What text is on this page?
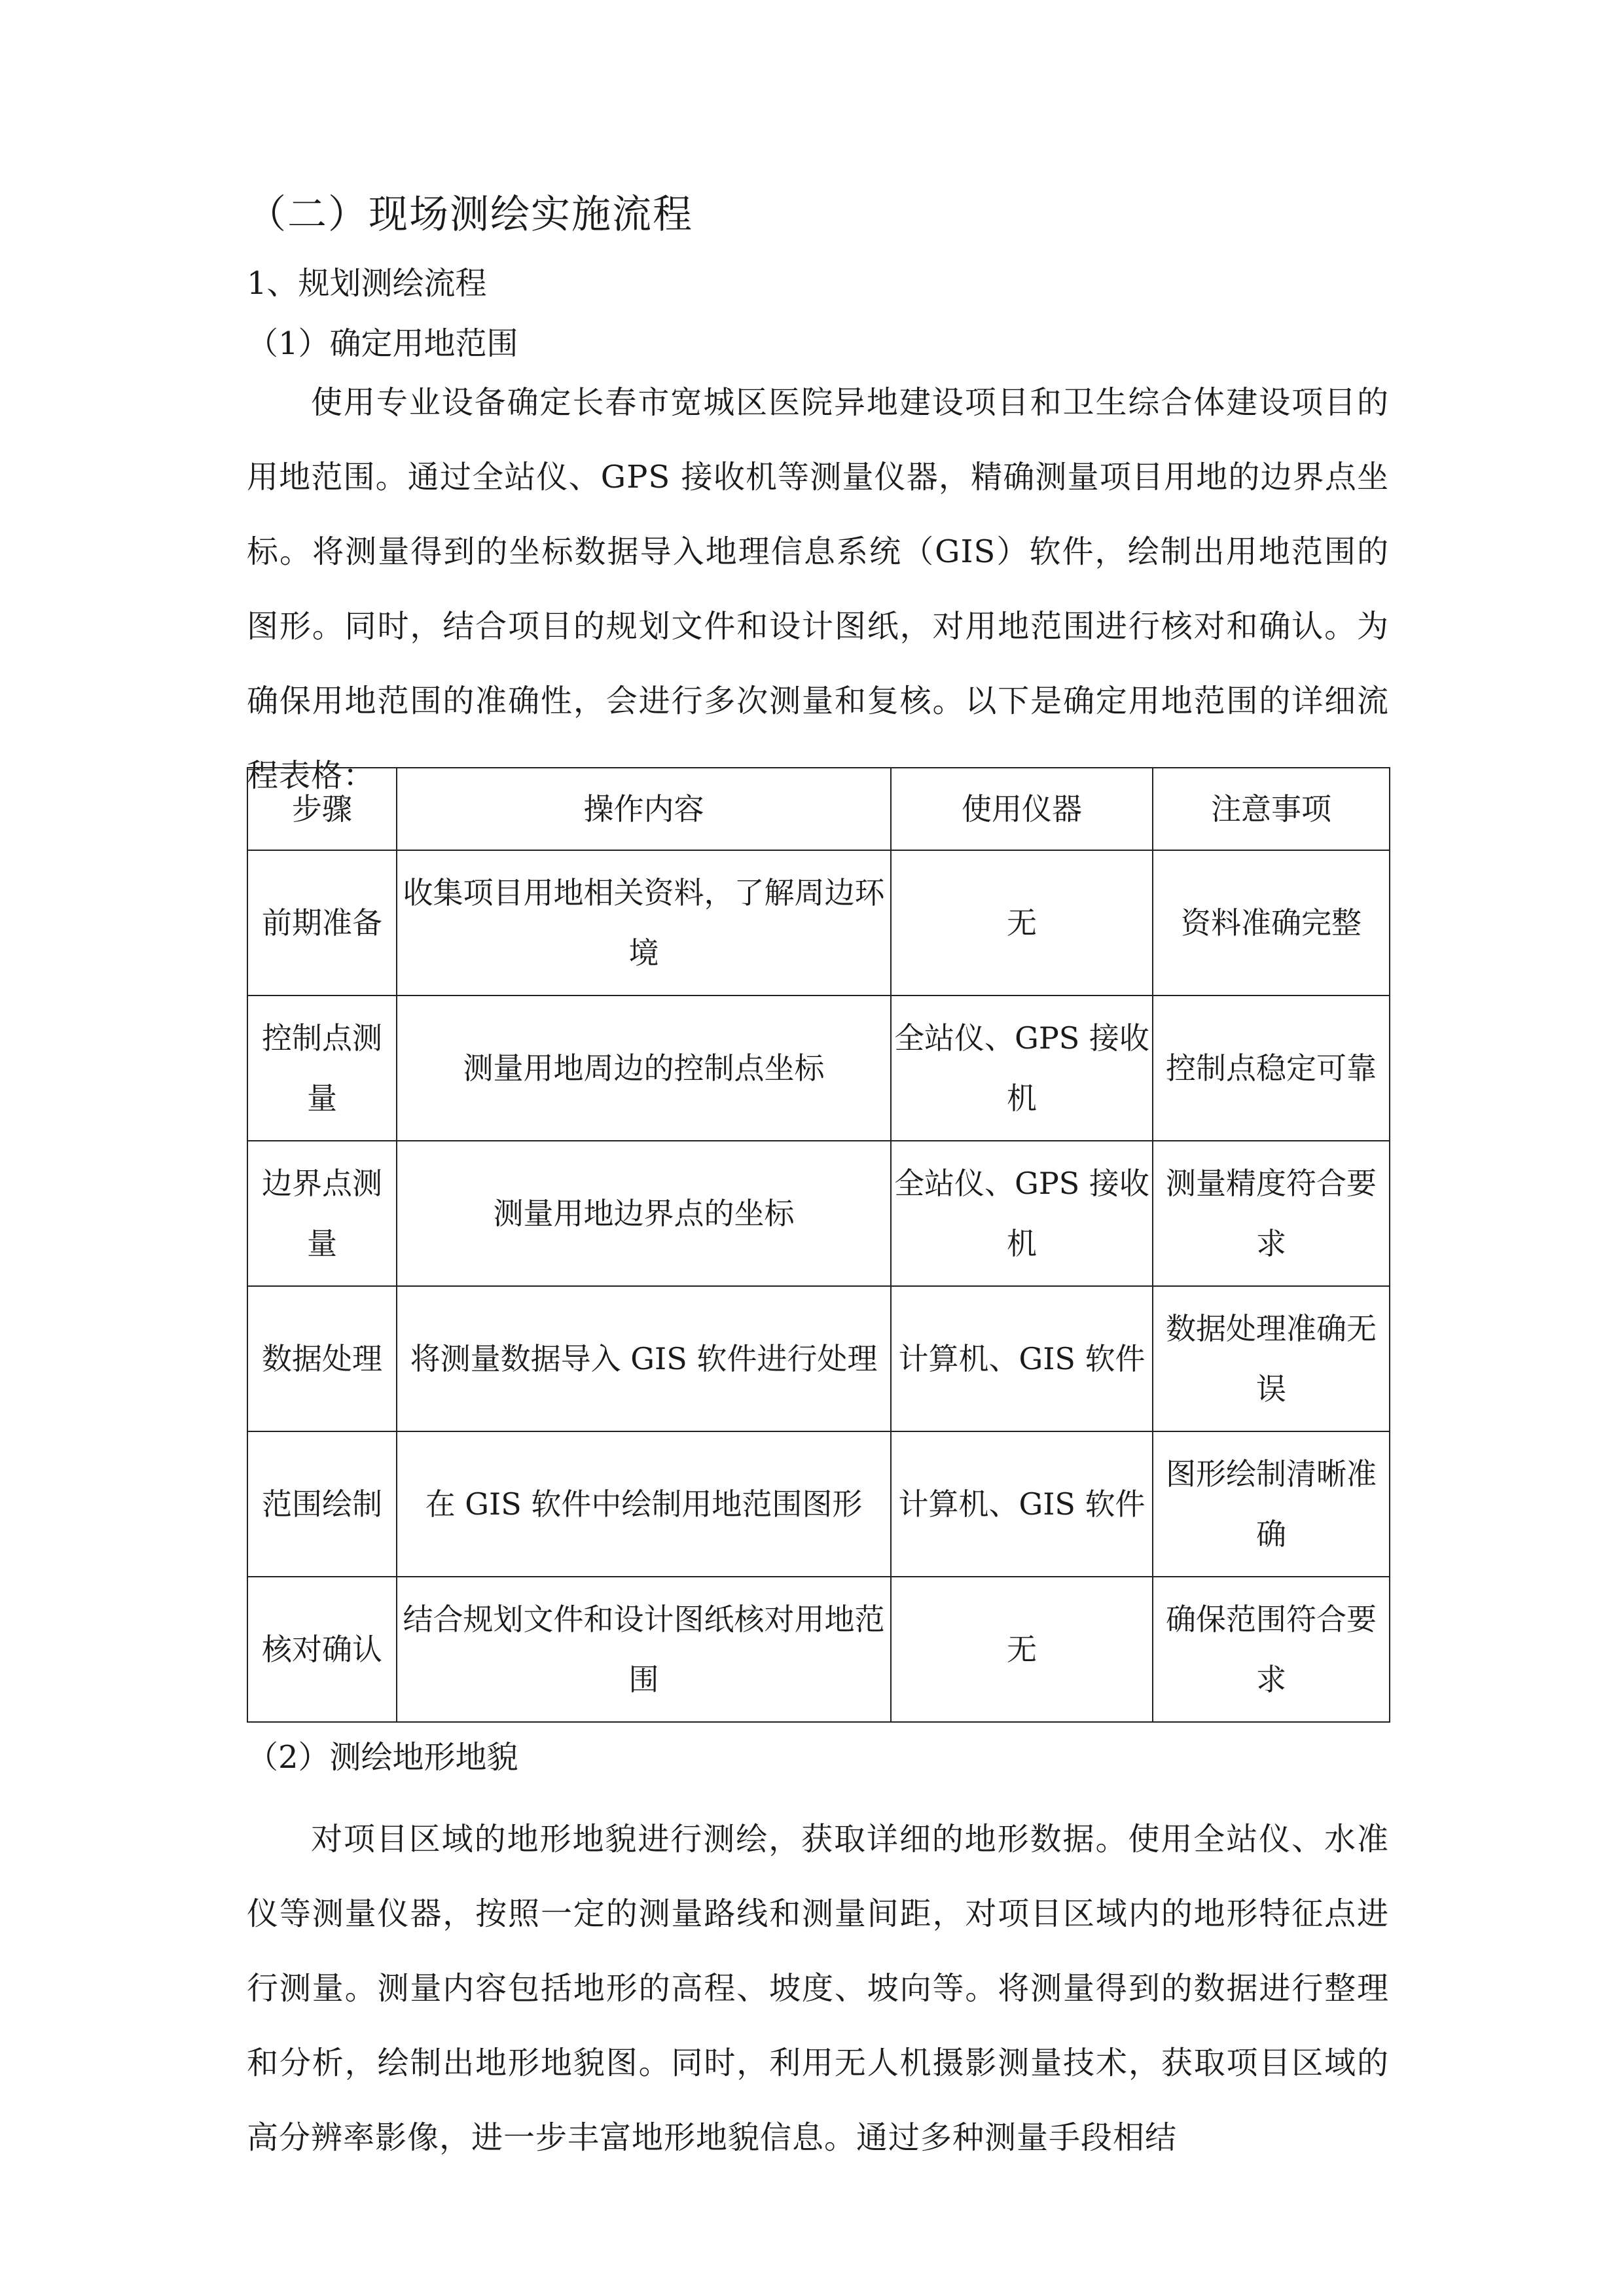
（二）现场测绘实施流程
1、规划测绘流程
（1）确定用地范围

使用专业设备确定长春市宽城区医院异地建设项目和卫生综合体建设项目的用地范围。通过全站仪、GPS 接收机等测量仪器，精确测量项目用地的边界点坐标。将测量得到的坐标数据导入地理信息系统（GIS）软件，绘制出用地范围的图形。同时，结合项目的规划文件和设计图纸，对用地范围进行核对和确认。为确保用地范围的准确性，会进行多次测量和复核。以下是确定用地范围的详细流程表格：

步骤	操作内容	使用仪器	注意事项
前期准备	收集项目用地相关资料，了解周边环境	无	资料准确完整
控制点测量	测量用地周边的控制点坐标	全站仪、GPS 接收机	控制点稳定可靠
边界点测量	测量用地边界点的坐标	全站仪、GPS 接收机	测量精度符合要求
数据处理	将测量数据导入 GIS 软件进行处理	计算机、GIS 软件	数据处理准确无误
范围绘制	在 GIS 软件中绘制用地范围图形	计算机、GIS 软件	图形绘制清晰准确
核对确认	结合规划文件和设计图纸核对用地范围	无	确保范围符合要求
（2）测绘地形地貌

对项目区域的地形地貌进行测绘，获取详细的地形数据。使用全站仪、水准仪等测量仪器，按照一定的测量路线和测量间距，对项目区域内的地形特征点进行测量。测量内容包括地形的高程、坡度、坡向等。将测量得到的数据进行整理和分析，绘制出地形地貌图。同时，利用无人机摄影测量技术，获取项目区域的高分辨率影像，进一步丰富地形地貌信息。通过多种测量手段相结
